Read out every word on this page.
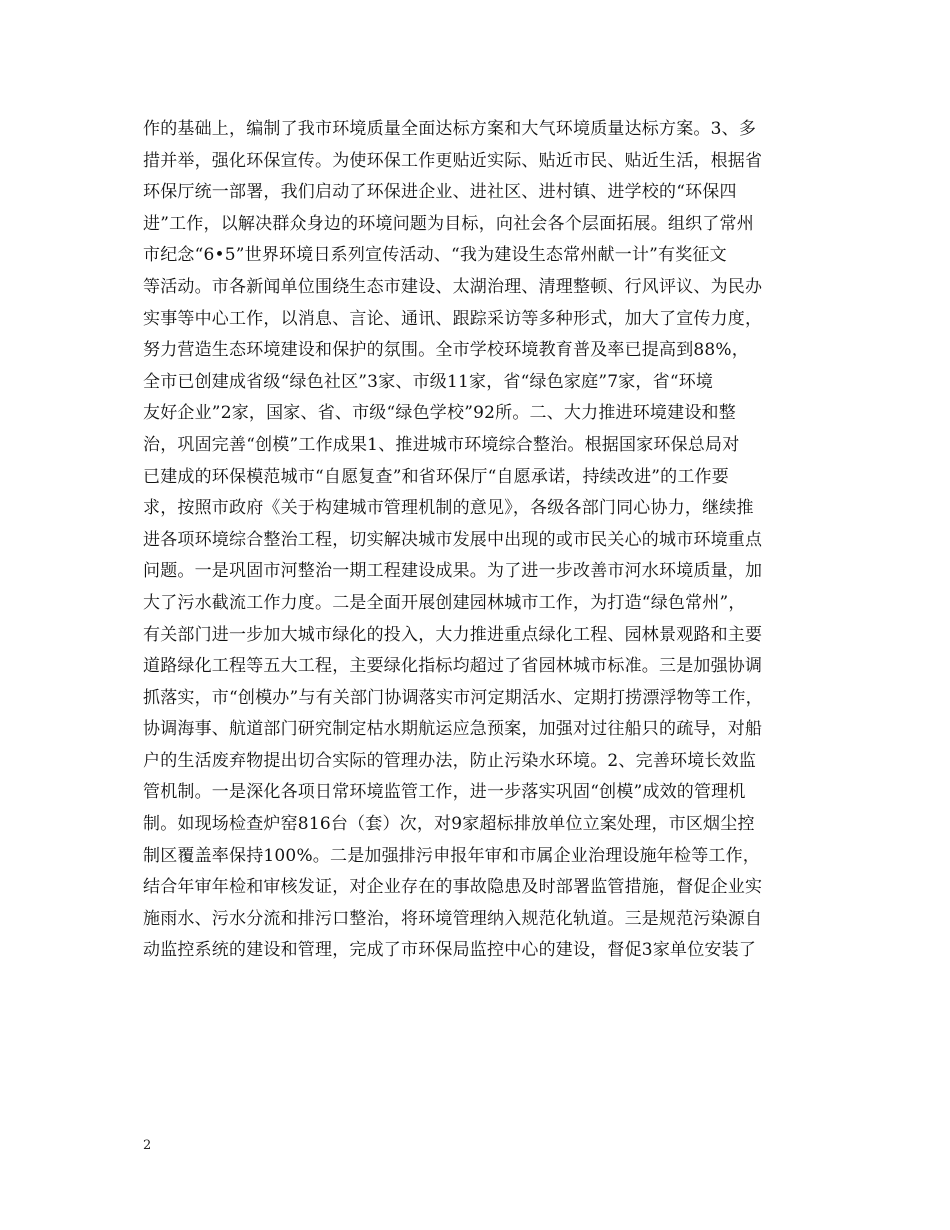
作的基础上，编制了我市环境质量全面达标方案和大气环境质量达标方案。3、多
措并举，强化环保宣传。为使环保工作更贴近实际、贴近市民、贴近生活，根据省
环保厅统一部署，我们启动了环保进企业、进社区、进村镇、进学校的“环保四
进”工作，以解决群众身边的环境问题为目标，向社会各个层面拓展。组织了常州
市纪念“6•5”世界环境日系列宣传活动、“我为建设生态常州献一计”有奖征文
等活动。市各新闻单位围绕生态市建设、太湖治理、清理整顿、行风评议、为民办
实事等中心工作，以消息、言论、通讯、跟踪采访等多种形式，加大了宣传力度，
努力营造生态环境建设和保护的氛围。全市学校环境教育普及率已提高到88%，
全市已创建成省级“绿色社区”3家、市级11家，省“绿色家庭”7家，省“环境
友好企业”2家，国家、省、市级“绿色学校”92所。二、大力推进环境建设和整
治，巩固完善“创模”工作成果1、推进城市环境综合整治。根据国家环保总局对
已建成的环保模范城市“自愿复查”和省环保厅“自愿承诺，持续改进”的工作要
求，按照市政府《关于构建城市管理机制的意见》，各级各部门同心协力，继续推
进各项环境综合整治工程，切实解决城市发展中出现的或市民关心的城市环境重点
问题。一是巩固市河整治一期工程建设成果。为了进一步改善市河水环境质量，加
大了污水截流工作力度。二是全面开展创建园林城市工作，为打造“绿色常州”，
有关部门进一步加大城市绿化的投入，大力推进重点绿化工程、园林景观路和主要
道路绿化工程等五大工程，主要绿化指标均超过了省园林城市标准。三是加强协调
抓落实，市“创模办”与有关部门协调落实市河定期活水、定期打捞漂浮物等工作，
协调海事、航道部门研究制定枯水期航运应急预案，加强对过往船只的疏导，对船
户的生活废弃物提出切合实际的管理办法，防止污染水环境。2、完善环境长效监
管机制。一是深化各项日常环境监管工作，进一步落实巩固“创模”成效的管理机
制。如现场检查炉窑816台（套）次，对9家超标排放单位立案处理，市区烟尘控
制区覆盖率保持100%。二是加强排污申报年审和市属企业治理设施年检等工作，
结合年审年检和审核发证，对企业存在的事故隐患及时部署监管措施，督促企业实
施雨水、污水分流和排污口整治，将环境管理纳入规范化轨道。三是规范污染源自
动监控系统的建设和管理，完成了市环保局监控中心的建设，督促3家单位安装了
2
